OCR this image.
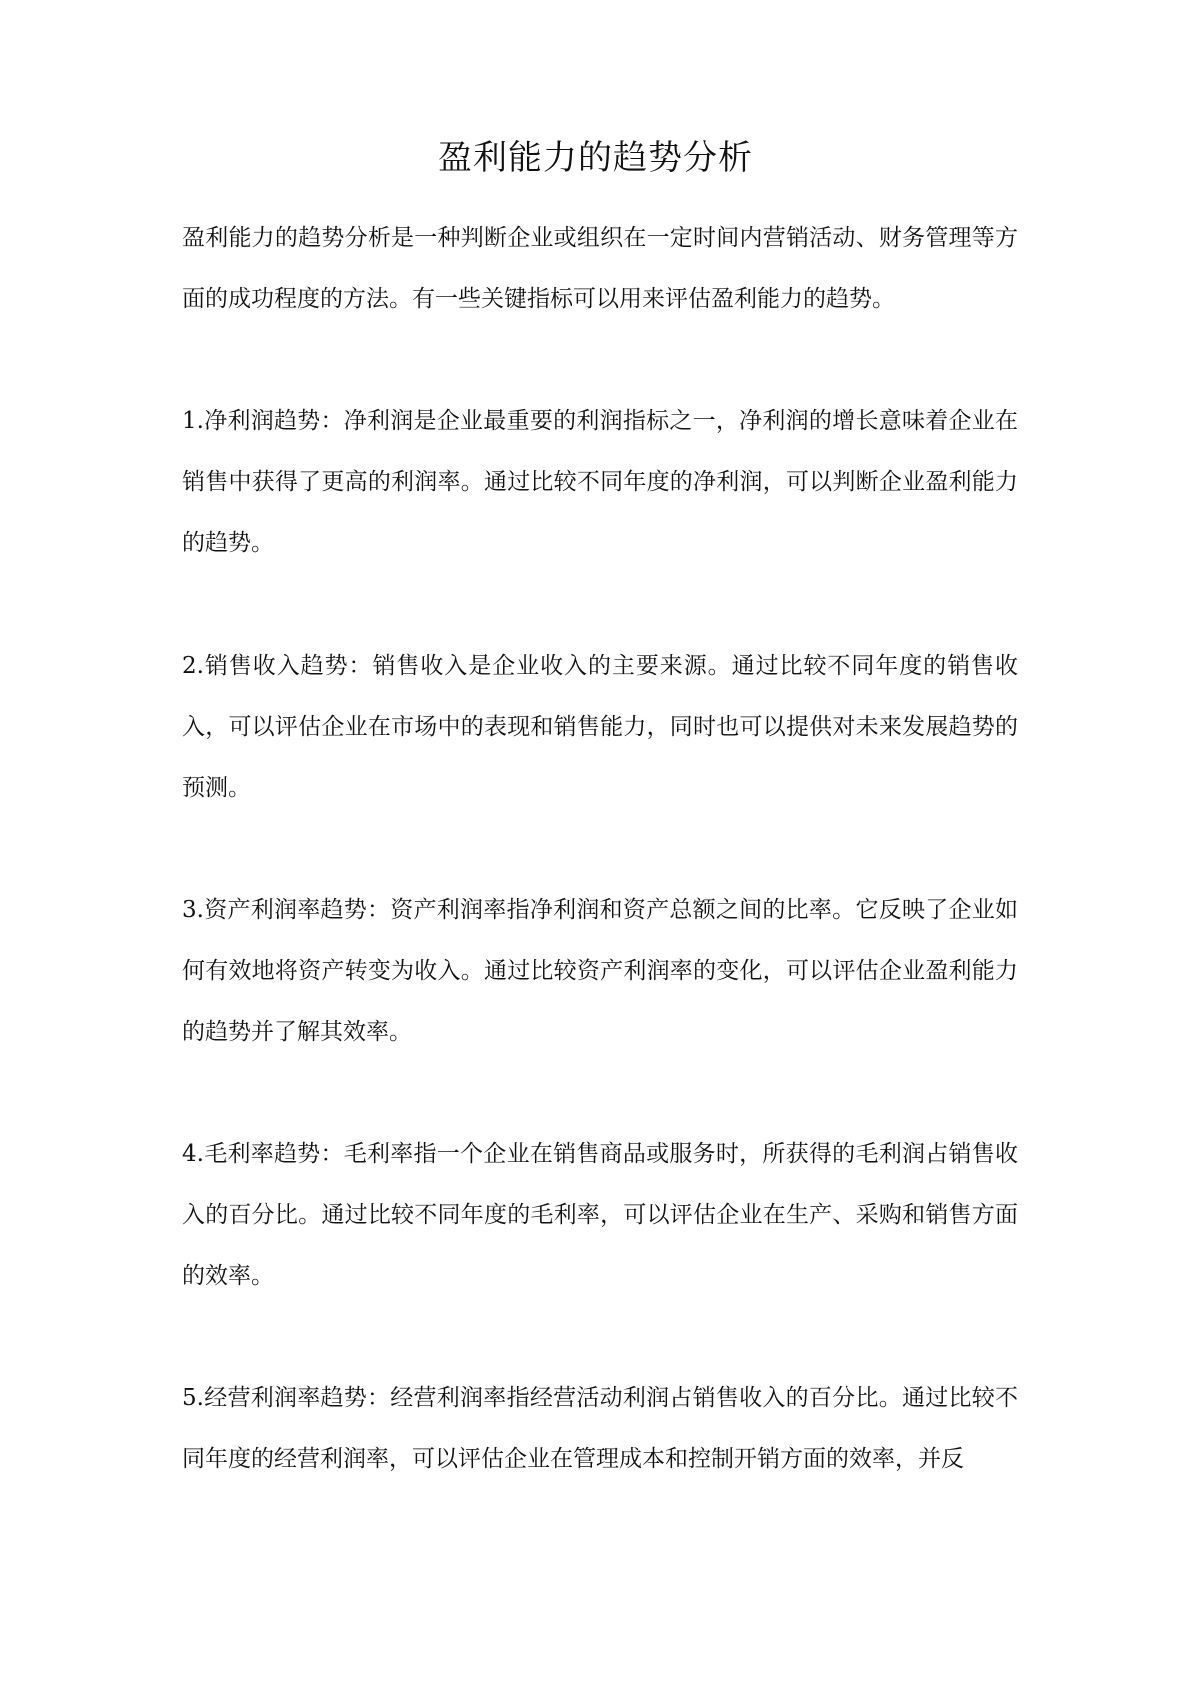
盈利能力的趋势分析

盈利能力的趋势分析是一种判断企业或组织在一定时间内营销活动、财务管理等方面的成功程度的方法。有一些关键指标可以用来评估盈利能力的趋势。

1.净利润趋势：净利润是企业最重要的利润指标之一，净利润的增长意味着企业在销售中获得了更高的利润率。通过比较不同年度的净利润，可以判断企业盈利能力的趋势。

2.销售收入趋势：销售收入是企业收入的主要来源。通过比较不同年度的销售收入，可以评估企业在市场中的表现和销售能力，同时也可以提供对未来发展趋势的预测。

3.资产利润率趋势：资产利润率指净利润和资产总额之间的比率。它反映了企业如何有效地将资产转变为收入。通过比较资产利润率的变化，可以评估企业盈利能力的趋势并了解其效率。

4.毛利率趋势：毛利率指一个企业在销售商品或服务时，所获得的毛利润占销售收入的百分比。通过比较不同年度的毛利率，可以评估企业在生产、采购和销售方面的效率。

5.经营利润率趋势：经营利润率指经营活动利润占销售收入的百分比。通过比较不同年度的经营利润率，可以评估企业在管理成本和控制开销方面的效率，并反
